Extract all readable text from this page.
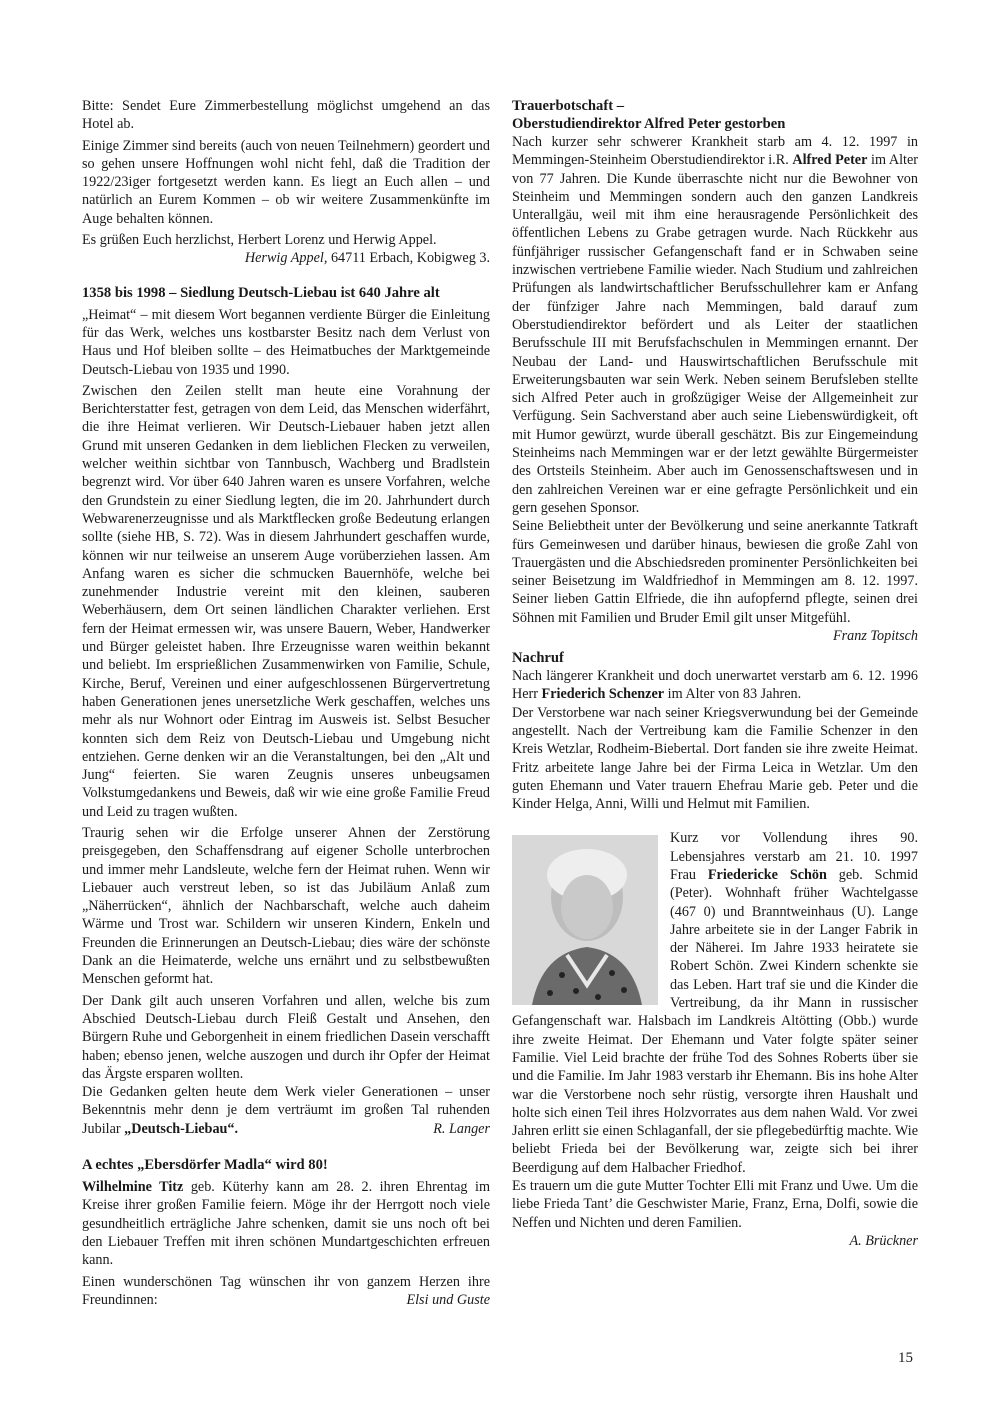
Bitte: Sendet Eure Zimmerbestellung möglichst umgehend an das Hotel ab.

Einige Zimmer sind bereits (auch von neuen Teilnehmern) geordert und so gehen unsere Hoffnungen wohl nicht fehl, daß die Tradition der 1922/23iger fortgesetzt werden kann. Es liegt an Euch allen – und natürlich an Eurem Kommen – ob wir weitere Zusammenkünfte im Auge behalten können.

Es grüßen Euch herzlichst, Herbert Lorenz und Herwig Appel.

Herwig Appel, 64711 Erbach, Kobigweg 3.

1358 bis 1998 – Siedlung Deutsch-Liebau ist 640 Jahre alt

„Heimat“ – mit diesem Wort begannen verdiente Bürger die Einleitung für das Werk, welches uns kostbarster Besitz nach dem Verlust von Haus und Hof bleiben sollte – des Heimatbuches der Marktgemeinde Deutsch-Liebau von 1935 und 1990.

Zwischen den Zeilen stellt man heute eine Vorahnung der Berichterstatter fest, getragen von dem Leid, das Menschen widerfährt, die ihre Heimat verlieren. Wir Deutsch-Liebauer haben jetzt allen Grund mit unseren Gedanken in dem lieblichen Flecken zu verweilen, welcher weithin sichtbar von Tannbusch, Wachberg und Bradlstein begrenzt wird. Vor über 640 Jahren waren es unsere Vorfahren, welche den Grundstein zu einer Siedlung legten, die im 20. Jahrhundert durch Webwarenerzeugnisse und als Marktflecken große Bedeutung erlangen sollte (siehe HB, S. 72). Was in diesem Jahrhundert geschaffen wurde, können wir nur teilweise an unserem Auge vorüberziehen lassen. Am Anfang waren es sicher die schmucken Bauernhöfe, welche bei zunehmender Industrie vereint mit den kleinen, sauberen Weberhäusern, dem Ort seinen ländlichen Charakter verliehen. Erst fern der Heimat ermessen wir, was unsere Bauern, Weber, Handwerker und Bürger geleistet haben. Ihre Erzeugnisse waren weithin bekannt und beliebt. Im ersprießlichen Zusammenwirken von Familie, Schule, Kirche, Beruf, Vereinen und einer aufgeschlossenen Bürgervertretung haben Generationen jenes unersetzliche Werk geschaffen, welches uns mehr als nur Wohnort oder Eintrag im Ausweis ist. Selbst Besucher konnten sich dem Reiz von Deutsch-Liebau und Umgebung nicht entziehen. Gerne denken wir an die Veranstaltungen, bei den „Alt und Jung“ feierten. Sie waren Zeugnis unseres unbeugsamen Volkstumgedankens und Beweis, daß wir wie eine große Familie Freud und Leid zu tragen wußten.

Traurig sehen wir die Erfolge unserer Ahnen der Zerstörung preisgegeben, den Schaffensdrang auf eigener Scholle unterbrochen und immer mehr Landsleute, welche fern der Heimat ruhen. Wenn wir Liebauer auch verstreut leben, so ist das Jubiläum Anlaß zum „Näherrücken“, ähnlich der Nachbarschaft, welche auch daheim Wärme und Trost war. Schildern wir unseren Kindern, Enkeln und Freunden die Erinnerungen an Deutsch-Liebau; dies wäre der schönste Dank an die Heimaterde, welche uns ernährt und zu selbstbewußten Menschen geformt hat.

Der Dank gilt auch unseren Vorfahren und allen, welche bis zum Abschied Deutsch-Liebau durch Fleiß Gestalt und Ansehen, den Bürgern Ruhe und Geborgenheit in einem friedlichen Dasein verschafft haben; ebenso jenen, welche auszogen und durch ihr Opfer der Heimat das Ärgste ersparen wollten.

Die Gedanken gelten heute dem Werk vieler Generationen – unser Bekenntnis mehr denn je dem verträumt im großen Tal ruhenden Jubilar „Deutsch-Liebau“.	R. Langer

A echtes „Ebersdörfer Madla“ wird 80!

Wilhelmine Titz geb. Küterhy kann am 28. 2. ihren Ehrentag im Kreise ihrer großen Familie feiern. Möge ihr der Herrgott noch viele gesundheitlich erträgliche Jahre schenken, damit sie uns noch oft bei den Liebauer Treffen mit ihren schönen Mundartgeschichten erfreuen kann.

Einen wunderschönen Tag wünschen ihr von ganzem Herzen ihre Freundinnen:	Elsi und Guste

Trauerbotschaft –
Oberstudiendirektor Alfred Peter gestorben

Nach kurzer sehr schwerer Krankheit starb am 4. 12. 1997 in Memmingen-Steinheim Oberstudiendirektor i.R. Alfred Peter im Alter von 77 Jahren. Die Kunde überraschte nicht nur die Bewohner von Steinheim und Memmingen sondern auch den ganzen Landkreis Unterallgäu, weil mit ihm eine herausragende Persönlichkeit des öffentlichen Lebens zu Grabe getragen wurde. Nach Rückkehr aus fünfjähriger russischer Gefangenschaft fand er in Schwaben seine inzwischen vertriebene Familie wieder. Nach Studium und zahlreichen Prüfungen als landwirtschaftlicher Berufsschullehrer kam er Anfang der fünfziger Jahre nach Memmingen, bald darauf zum Oberstudiendirektor befördert und als Leiter der staatlichen Berufsschule III mit Berufsfachschulen in Memmingen ernannt. Der Neubau der Land- und Hauswirtschaftlichen Berufsschule mit Erweiterungsbauten war sein Werk. Neben seinem Berufsleben stellte sich Alfred Peter auch in großzügiger Weise der Allgemeinheit zur Verfügung. Sein Sachverstand aber auch seine Liebenswürdigkeit, oft mit Humor gewürzt, wurde überall geschätzt. Bis zur Eingemeindung Steinheims nach Memmingen war er der letzt gewählte Bürgermeister des Ortsteils Steinheim. Aber auch im Genossenschaftswesen und in den zahlreichen Vereinen war er eine gefragte Persönlichkeit und ein gern gesehen Sponsor.

Seine Beliebtheit unter der Bevölkerung und seine anerkannte Tatkraft fürs Gemeinwesen und darüber hinaus, bewiesen die große Zahl von Trauergästen und die Abschiedsreden prominenter Persönlichkeiten bei seiner Beisetzung im Waldfriedhof in Memmingen am 8. 12. 1997. Seiner lieben Gattin Elfriede, die ihn aufopfernd pflegte, seinen drei Söhnen mit Familien und Bruder Emil gilt unser Mitgefühl.
Franz Topitsch

Nachruf

Nach längerer Krankheit und doch unerwartet verstarb am 6. 12. 1996 Herr Friederich Schenzer im Alter von 83 Jahren.

Der Verstorbene war nach seiner Kriegsverwundung bei der Gemeinde angestellt. Nach der Vertreibung kam die Familie Schenzer in den Kreis Wetzlar, Rodheim-Biebertal. Dort fanden sie ihre zweite Heimat. Fritz arbeitete lange Jahre bei der Firma Leica in Wetzlar. Um den guten Ehemann und Vater trauern Ehefrau Marie geb. Peter und die Kinder Helga, Anni, Willi und Helmut mit Familien.

Kurz vor Vollendung ihres 90. Lebensjahres verstarb am 21. 10. 1997 Frau Friedericke Schön geb. Schmid (Peter). Wohnhaft früher Wachtelgasse (467 0) und Branntweinhaus (U). Lange Jahre arbeitete sie in der Langer Fabrik in der Näherei. Im Jahre 1933 heiratete sie Robert Schön. Zwei Kindern schenkte sie das Leben. Hart traf sie und die Kinder die Vertreibung, da ihr Mann in russischer Gefangenschaft war. Halsbach im Landkreis Altötting (Obb.) wurde ihre zweite Heimat. Der Ehemann und Vater folgte später seiner Familie. Viel Leid brachte der frühe Tod des Sohnes Roberts über sie und die Familie. Im Jahr 1983 verstarb ihr Ehemann. Bis ins hohe Alter war die Verstorbene noch sehr rüstig, versorgte ihren Haushalt und holte sich einen Teil ihres Holzvorrates aus dem nahen Wald. Vor zwei Jahren erlitt sie einen Schlaganfall, der sie pflegebedürftig machte. Wie beliebt Frieda bei der Bevölkerung war, zeigte sich bei ihrer Beerdigung auf dem Halbacher Friedhof.

Es trauern um die gute Mutter Tochter Elli mit Franz und Uwe. Um die liebe Frieda Tant’ die Geschwister Marie, Franz, Erna, Dolfi, sowie die Neffen und Nichten und deren Familien.

A. Brückner

15
